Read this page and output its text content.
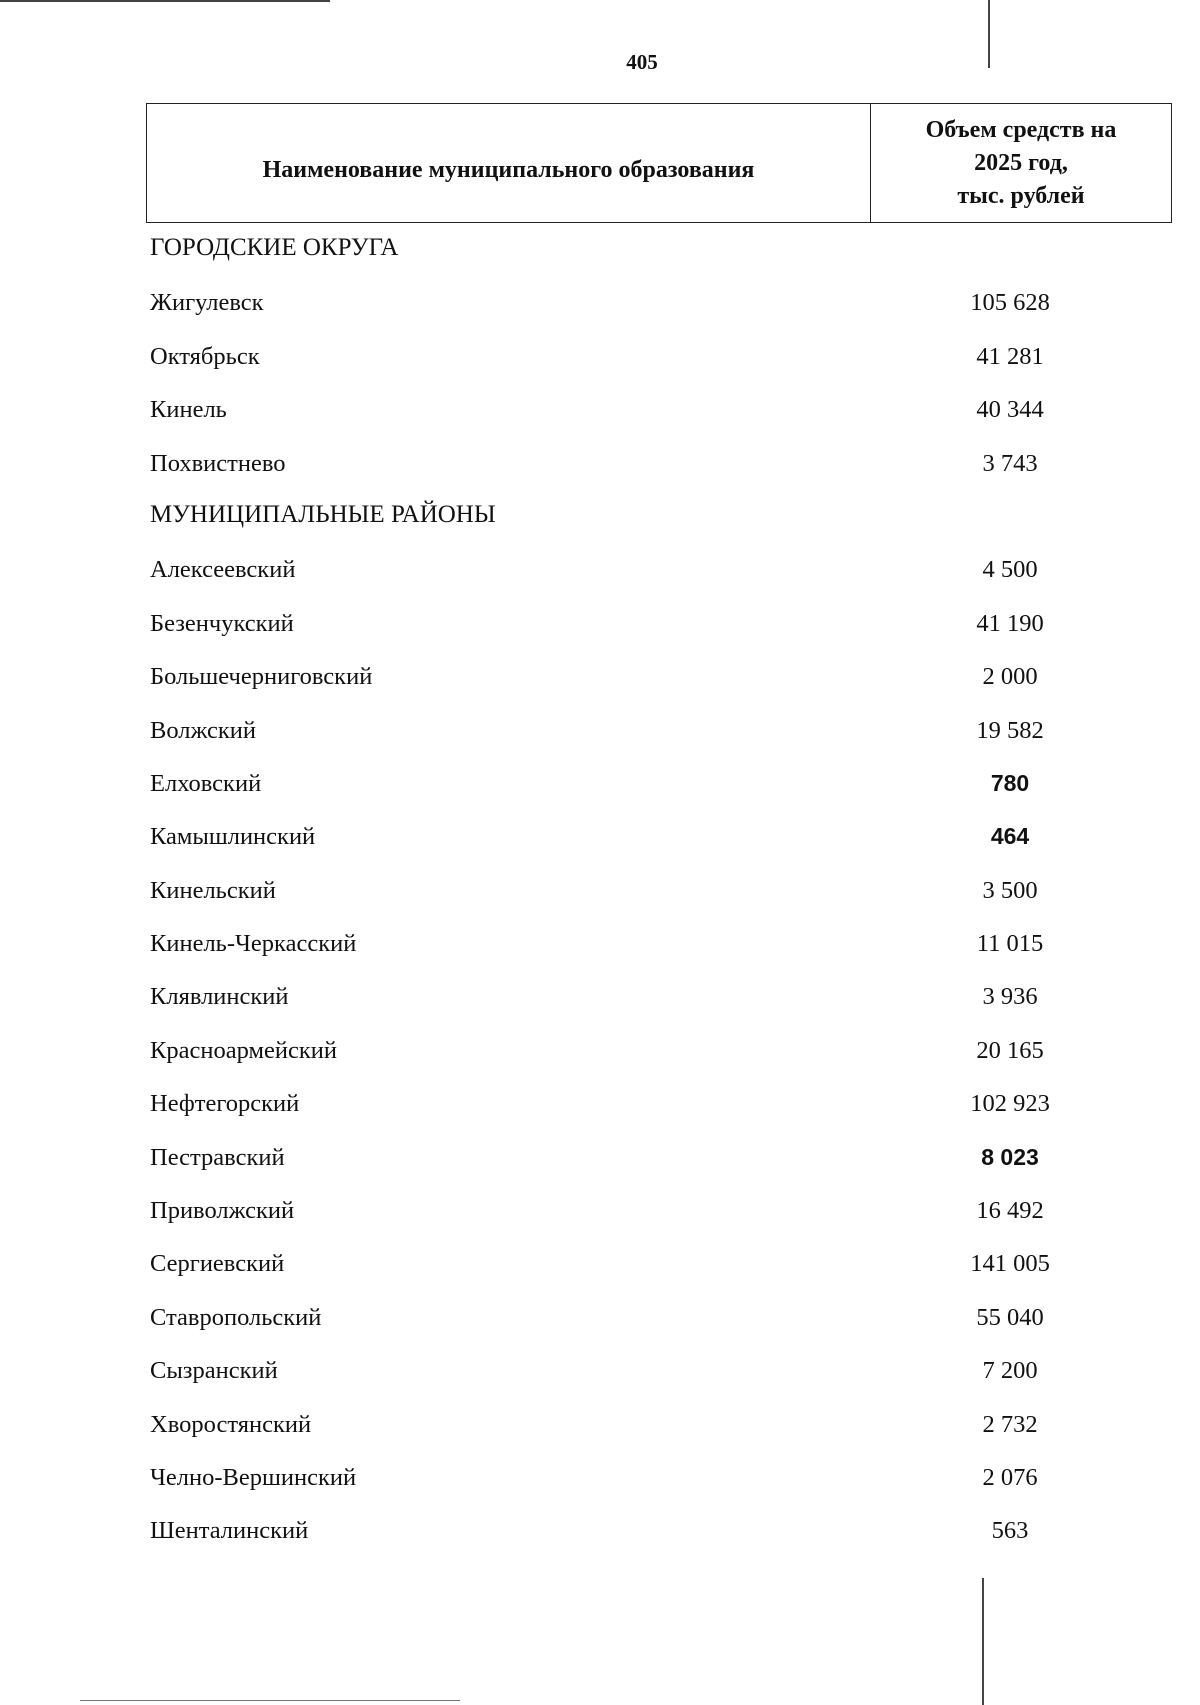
405
Наименование муниципального образования
Объем средств на
2025 год,
тыс. рублей
ГОРОДСКИЕ ОКРУГА
Жигулевск	105 628
Октябрьск	41 281
Кинель	40 344
Похвистнево	3 743
МУНИЦИПАЛЬНЫЕ РАЙОНЫ
Алексеевский	4 500
Безенчукский	41 190
Большечерниговский	2 000
Волжский	19 582
Елховский	780
Камышлинский	464
Кинельский	3 500
Кинель-Черкасский	11 015
Клявлинский	3 936
Красноармейский	20 165
Нефтегорский	102 923
Пестравский	8 023
Приволжский	16 492
Сергиевский	141 005
Ставропольский	55 040
Сызранский	7 200
Хворостянский	2 732
Челно-Вершинский	2 076
Шенталинский	563
